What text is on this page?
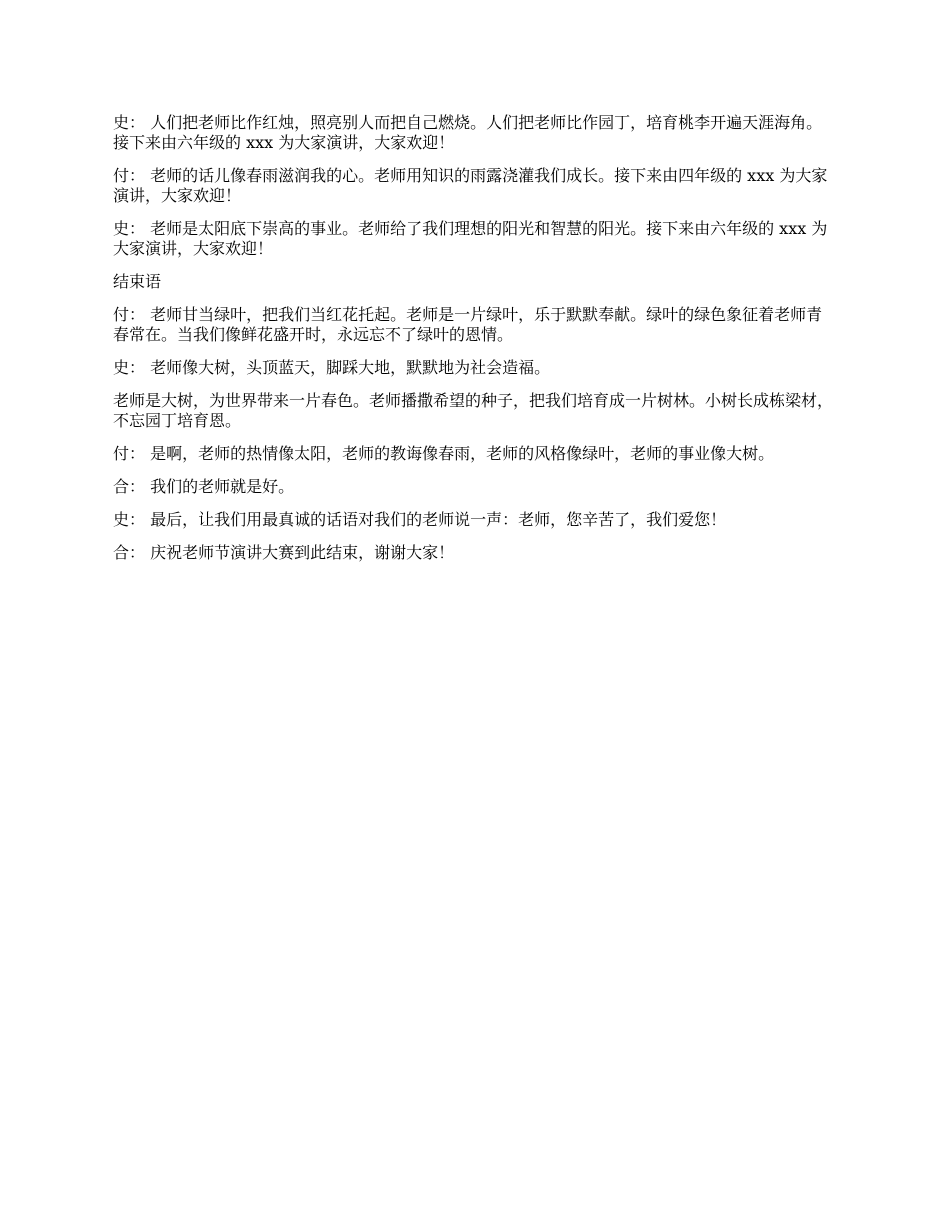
史： 人们把老师比作红烛，照亮别人而把自己燃烧。人们把老师比作园丁，培育桃李开遍天涯海角。接下来由六年级的 xxx 为大家演讲，大家欢迎！

付： 老师的话儿像春雨滋润我的心。老师用知识的雨露浇灌我们成长。接下来由四年级的 xxx 为大家演讲，大家欢迎！

史： 老师是太阳底下崇高的事业。老师给了我们理想的阳光和智慧的阳光。接下来由六年级的 xxx 为大家演讲，大家欢迎！

结束语

付： 老师甘当绿叶，把我们当红花托起。老师是一片绿叶，乐于默默奉献。绿叶的绿色象征着老师青春常在。当我们像鲜花盛开时，永远忘不了绿叶的恩情。

史： 老师像大树，头顶蓝天，脚踩大地，默默地为社会造福。

老师是大树，为世界带来一片春色。老师播撒希望的种子，把我们培育成一片树林。小树长成栋梁材，不忘园丁培育恩。

付： 是啊，老师的热情像太阳，老师的教诲像春雨，老师的风格像绿叶，老师的事业像大树。

合： 我们的老师就是好。

史： 最后，让我们用最真诚的话语对我们的老师说一声：老师，您辛苦了，我们爱您！

合： 庆祝老师节演讲大赛到此结束，谢谢大家！
